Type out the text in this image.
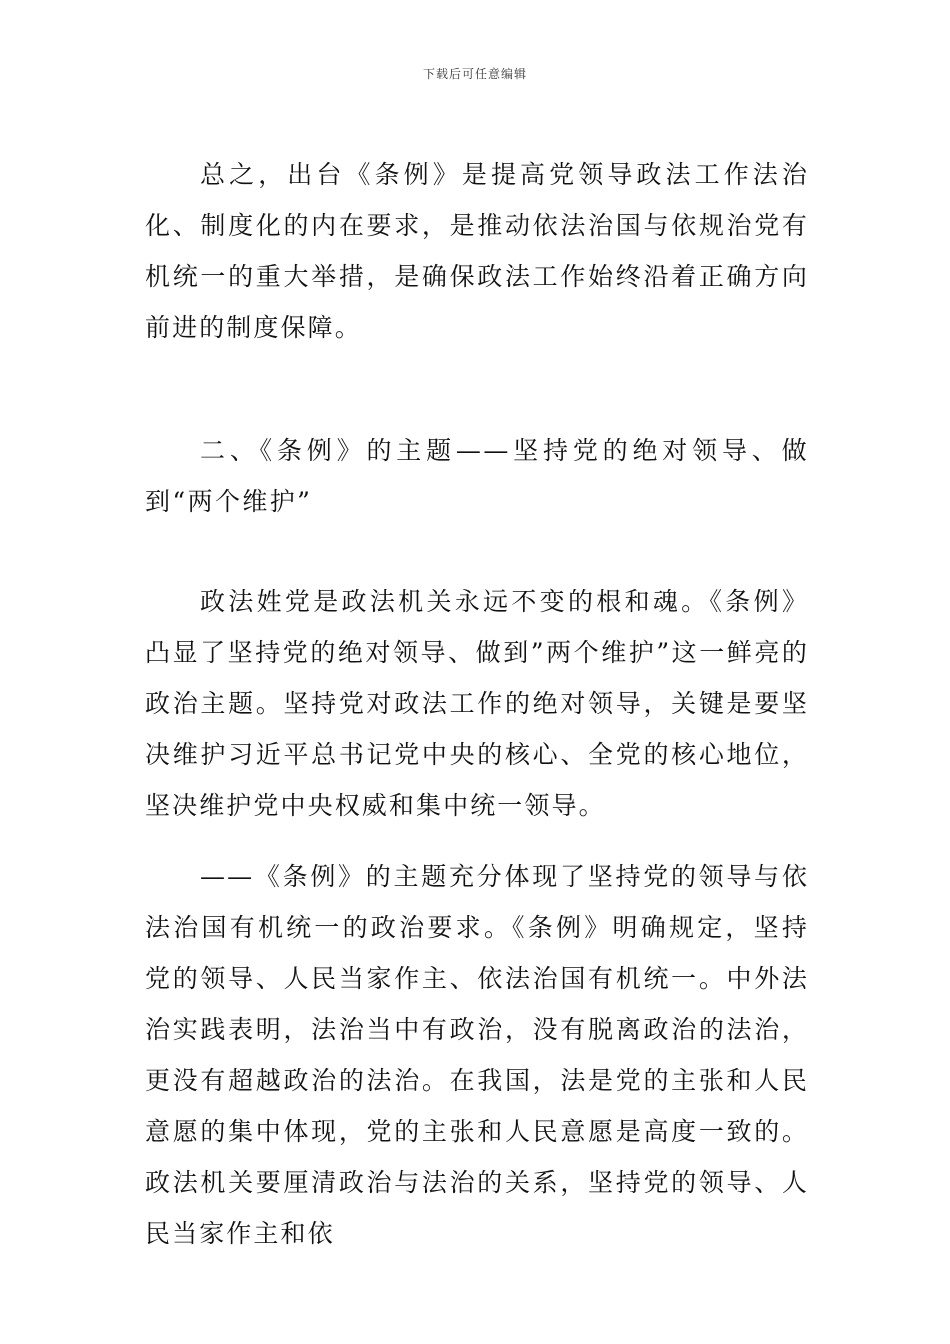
下载后可任意编辑

总之，出台《条例》是提高党领导政法工作法治化、制度化的内在要求，是推动依法治国与依规治党有机统一的重大举措，是确保政法工作始终沿着正确方向前进的制度保障。

二、《条例》的主题——坚持党的绝对领导、做到“两个维护”

政法姓党是政法机关永远不变的根和魂。《条例》凸显了坚持党的绝对领导、做到”两个维护”这一鲜亮的政治主题。坚持党对政法工作的绝对领导，关键是要坚决维护习近平总书记党中央的核心、全党的核心地位，坚决维护党中央权威和集中统一领导。

——《条例》的主题充分体现了坚持党的领导与依法治国有机统一的政治要求。《条例》明确规定，坚持党的领导、人民当家作主、依法治国有机统一。中外法治实践表明，法治当中有政治，没有脱离政治的法治，更没有超越政治的法治。在我国，法是党的主张和人民意愿的集中体现，党的主张和人民意愿是高度一致的。政法机关要厘清政治与法治的关系，坚持党的领导、人民当家作主和依
